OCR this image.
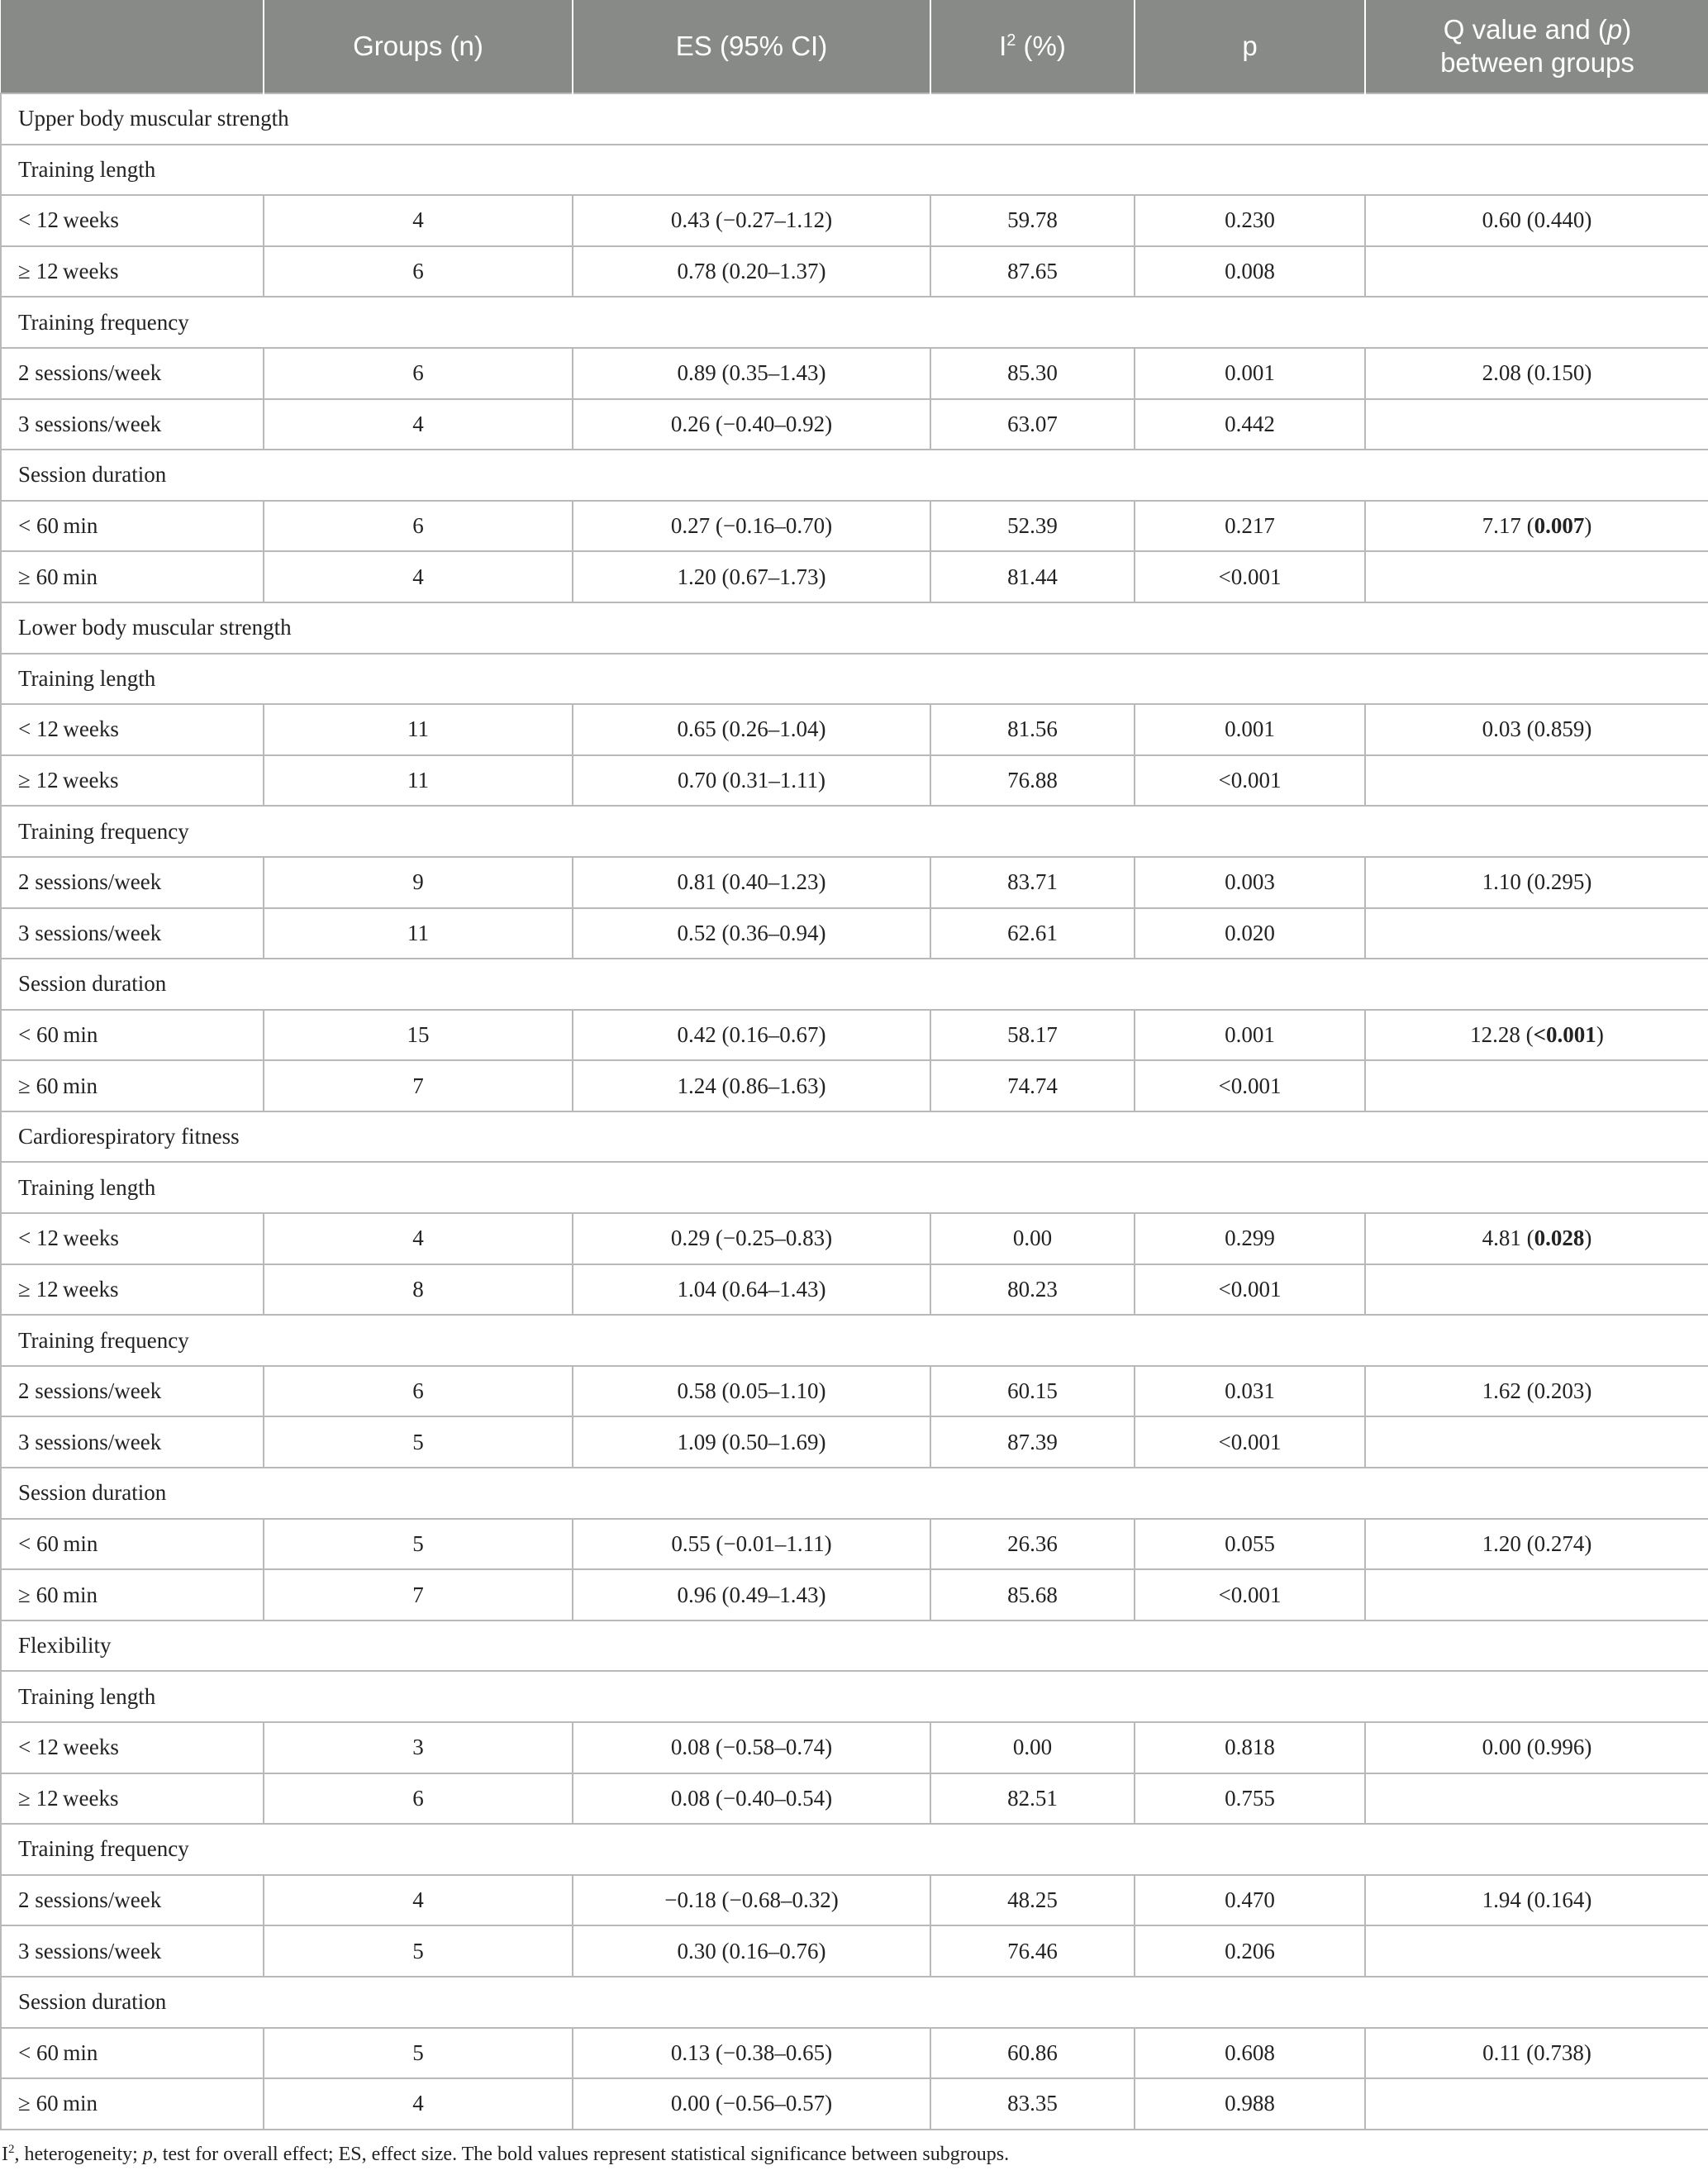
	Groups (n)	ES (95% CI)	$I^2$ (%)	p	Q value and (p)
between groups
Upper body muscular strength					
Training length					
< 12 weeks	4	0.43 (−0.27–1.12)	59.78	0.230	0.60 (0.440)
≥ 12 weeks	6	0.78 (0.20–1.37)	87.65	0.008	
Training frequency					
2 sessions/week	6	0.89 (0.35–1.43)	85.30	0.001	2.08 (0.150)
3 sessions/week	4	0.26 (−0.40–0.92)	63.07	0.442	
Session duration					
< 60 min	6	0.27 (−0.16–0.70)	52.39	0.217	7.17 (0.007)
≥ 60 min	4	1.20 (0.67–1.73)	81.44	<0.001	
Lower body muscular strength					
Training length					
< 12 weeks	11	0.65 (0.26–1.04)	81.56	0.001	0.03 (0.859)
≥ 12 weeks	11	0.70 (0.31–1.11)	76.88	<0.001	
Training frequency					
2 sessions/week	9	0.81 (0.40–1.23)	83.71	0.003	1.10 (0.295)
3 sessions/week	11	0.52 (0.36–0.94)	62.61	0.020	
Session duration					
< 60 min	15	0.42 (0.16–0.67)	58.17	0.001	12.28 (<0.001)
≥ 60 min	7	1.24 (0.86–1.63)	74.74	<0.001	
Cardiorespiratory fitness					
Training length					
< 12 weeks	4	0.29 (−0.25–0.83)	0.00	0.299	4.81 (0.028)
≥ 12 weeks	8	1.04 (0.64–1.43)	80.23	<0.001	
Training frequency					
2 sessions/week	6	0.58 (0.05–1.10)	60.15	0.031	1.62 (0.203)
3 sessions/week	5	1.09 (0.50–1.69)	87.39	<0.001	
Session duration					
< 60 min	5	0.55 (−0.01–1.11)	26.36	0.055	1.20 (0.274)
≥ 60 min	7	0.96 (0.49–1.43)	85.68	<0.001	
Flexibility					
Training length					
< 12 weeks	3	0.08 (−0.58–0.74)	0.00	0.818	0.00 (0.996)
≥ 12 weeks	6	0.08 (−0.40–0.54)	82.51	0.755	
Training frequency					
2 sessions/week	4	−0.18 (−0.68–0.32)	48.25	0.470	1.94 (0.164)
3 sessions/week	5	0.30 (0.16–0.76)	76.46	0.206	
Session duration					
< 60 min	5	0.13 (−0.38–0.65)	60.86	0.608	0.11 (0.738)
≥ 60 min	4	0.00 (−0.56–0.57)	83.35	0.988	
$I^2$, heterogeneity; p, test for overall effect; ES, effect size. The bold values represent statistical significance between subgroups.
